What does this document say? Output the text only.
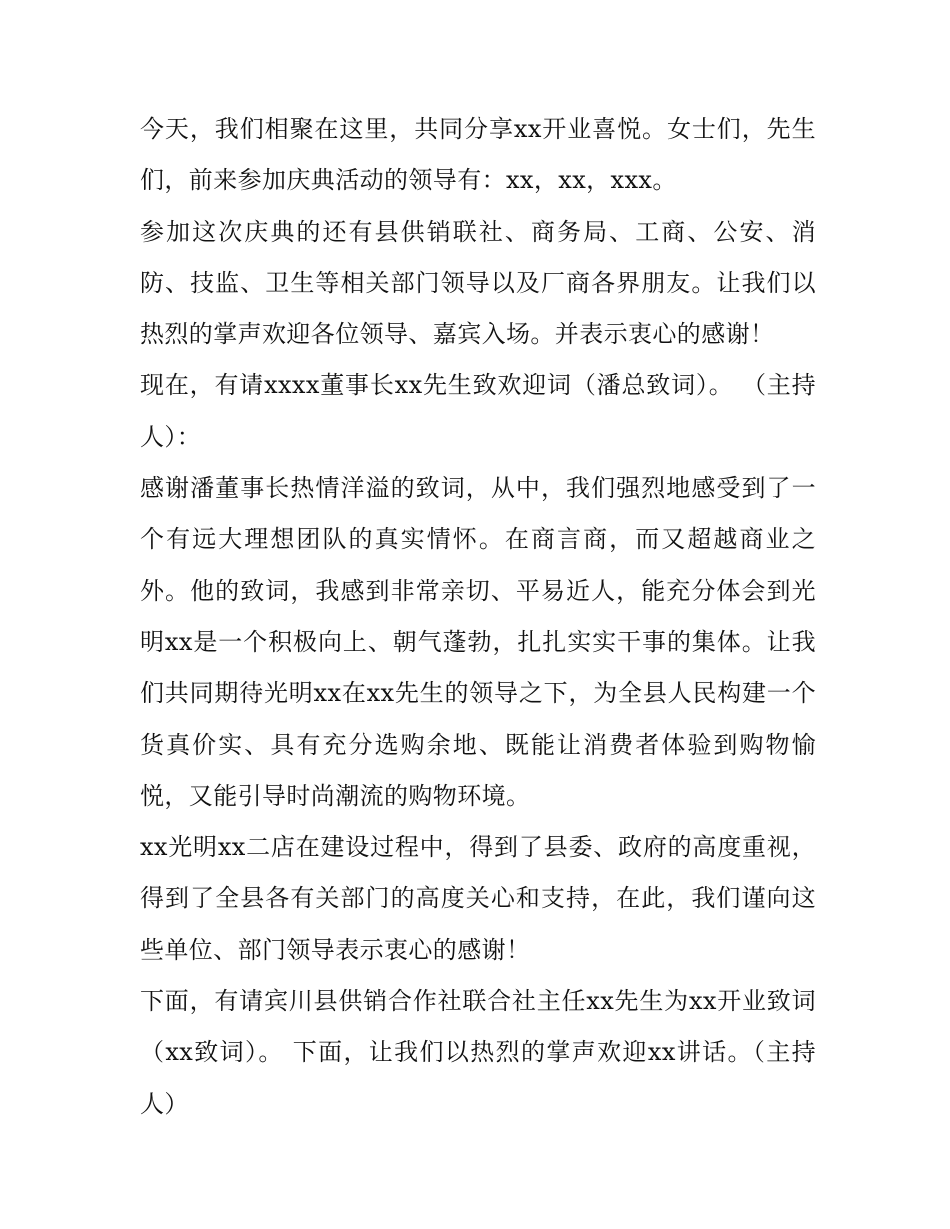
今天，我们相聚在这里，共同分享xx开业喜悦。女士们，先生们，前来参加庆典活动的领导有：xx，xx，xxx。

参加这次庆典的还有县供销联社、商务局、工商、公安、消防、技监、卫生等相关部门领导以及厂商各界朋友。让我们以热烈的掌声欢迎各位领导、嘉宾入场。并表示衷心的感谢！

现在，有请xxxx董事长xx先生致欢迎词（潘总致词）。 （主持人）：

感谢潘董事长热情洋溢的致词，从中，我们强烈地感受到了一个有远大理想团队的真实情怀。在商言商，而又超越商业之外。他的致词，我感到非常亲切、平易近人，能充分体会到光明xx是一个积极向上、朝气蓬勃，扎扎实实干事的集体。让我们共同期待光明xx在xx先生的领导之下，为全县人民构建一个货真价实、具有充分选购余地、既能让消费者体验到购物愉悦，又能引导时尚潮流的购物环境。

xx光明xx二店在建设过程中，得到了县委、政府的高度重视，得到了全县各有关部门的高度关心和支持，在此，我们谨向这些单位、部门领导表示衷心的感谢！

下面，有请宾川县供销合作社联合社主任xx先生为xx开业致词（xx致词）。 下面，让我们以热烈的掌声欢迎xx讲话。（主持人）
